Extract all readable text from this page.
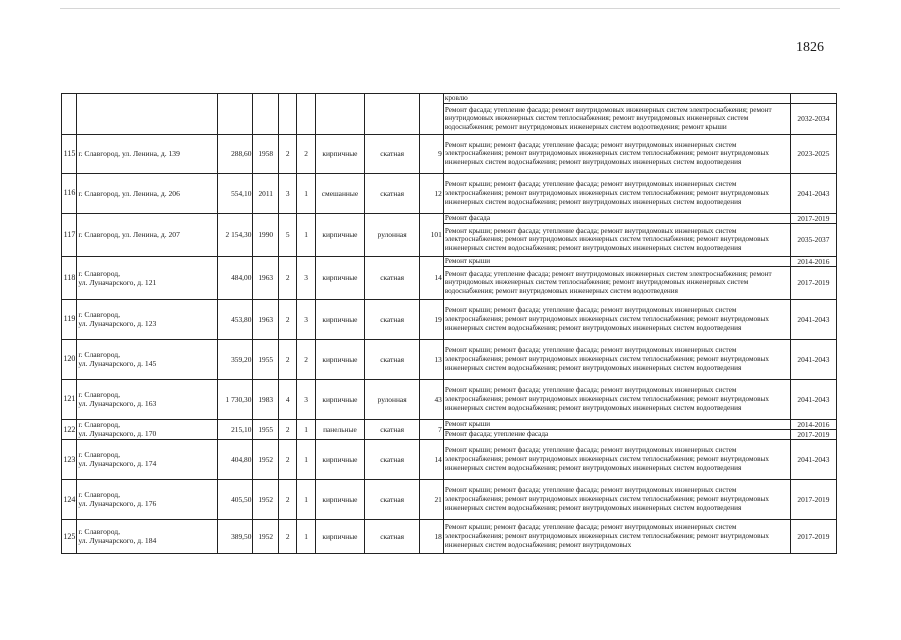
1826
									кровлю	
									Ремонт фасада; утепление фасада; ремонт внутридомовых инженерных систем электроснабжения; ремонт внутридомовых инженерных систем теплоснабжения; ремонт внутридомовых инженерных систем водоснабжения; ремонт внутридомовых инженерных систем водоотведения; ремонт крыши	2032-2034
115	г. Славгород, ул. Ленина, д. 139	288,60	1958	2	2	кирпичные	скатная	9	Ремонт крыши; ремонт фасада; утепление фасада; ремонт внутридомовых инженерных систем электроснабжения; ремонт внутридомовых инженерных систем теплоснабжения; ремонт внутридомовых инженерных систем водоснабжения; ремонт внутридомовых инженерных систем водоотведения	2023-2025
116	г. Славгород, ул. Ленина, д. 206	554,10	2011	3	1	смешанные	скатная	12	Ремонт крыши; ремонт фасада; утепление фасада; ремонт внутридомовых инженерных систем электроснабжения; ремонт внутридомовых инженерных систем теплоснабжения; ремонт внутридомовых инженерных систем водоснабжения; ремонт внутридомовых инженерных систем водоотведения	2041-2043
117	г. Славгород, ул. Ленина, д. 207	2 154,30	1990	5	1	кирпичные	рулонная	101	Ремонт фасада	2017-2019
									Ремонт крыши; ремонт фасада; утепление фасада; ремонт внутридомовых инженерных систем электроснабжения; ремонт внутридомовых инженерных систем теплоснабжения; ремонт внутридомовых инженерных систем водоснабжения; ремонт внутридомовых инженерных систем водоотведения	2035-2037
118	г. Славгород,
ул. Луначарского, д. 121	484,00	1963	2	3	кирпичные	скатная	14	Ремонт крыши	2014-2016
									Ремонт фасада; утепление фасада; ремонт внутридомовых инженерных систем электроснабжения; ремонт внутридомовых инженерных систем теплоснабжения; ремонт внутридомовых инженерных систем водоснабжения; ремонт внутридомовых инженерных систем водоотведения	2017-2019
119	г. Славгород,
ул. Луначарского, д. 123	453,80	1963	2	3	кирпичные	скатная	19	Ремонт крыши; ремонт фасада; утепление фасада; ремонт внутридомовых инженерных систем электроснабжения; ремонт внутридомовых инженерных систем теплоснабжения; ремонт внутридомовых инженерных систем водоснабжения; ремонт внутридомовых инженерных систем водоотведения	2041-2043
120	г. Славгород,
ул. Луначарского, д. 145	359,20	1955	2	2	кирпичные	скатная	13	Ремонт крыши; ремонт фасада; утепление фасада; ремонт внутридомовых инженерных систем электроснабжения; ремонт внутридомовых инженерных систем теплоснабжения; ремонт внутридомовых инженерных систем водоснабжения; ремонт внутридомовых инженерных систем водоотведения	2041-2043
121	г. Славгород,
ул. Луначарского, д. 163	1 730,30	1983	4	3	кирпичные	рулонная	43	Ремонт крыши; ремонт фасада; утепление фасада; ремонт внутридомовых инженерных систем электроснабжения; ремонт внутридомовых инженерных систем теплоснабжения; ремонт внутридомовых инженерных систем водоснабжения; ремонт внутридомовых инженерных систем водоотведения	2041-2043
122	г. Славгород,
ул. Луначарского, д. 170	215,10	1955	2	1	панельные	скатная	7	Ремонт крыши	2014-2016
									Ремонт фасада; утепление фасада	2017-2019
123	г. Славгород,
ул. Луначарского, д. 174	404,80	1952	2	1	кирпичные	скатная	14	Ремонт крыши; ремонт фасада; утепление фасада; ремонт внутридомовых инженерных систем электроснабжения; ремонт внутридомовых инженерных систем теплоснабжения; ремонт внутридомовых инженерных систем водоснабжения; ремонт внутридомовых инженерных систем водоотведения	2041-2043
124	г. Славгород,
ул. Луначарского, д. 176	405,50	1952	2	1	кирпичные	скатная	21	Ремонт крыши; ремонт фасада; утепление фасада; ремонт внутридомовых инженерных систем электроснабжения; ремонт внутридомовых инженерных систем теплоснабжения; ремонт внутридомовых инженерных систем водоснабжения; ремонт внутридомовых инженерных систем водоотведения	2017-2019
125	г. Славгород,
ул. Луначарского, д. 184	389,50	1952	2	1	кирпичные	скатная	18	Ремонт крыши; ремонт фасада; утепление фасада; ремонт внутридомовых инженерных систем электроснабжения; ремонт внутридомовых инженерных систем теплоснабжения; ремонт внутридомовых инженерных систем водоснабжения; ремонт внутридомовых	2017-2019
